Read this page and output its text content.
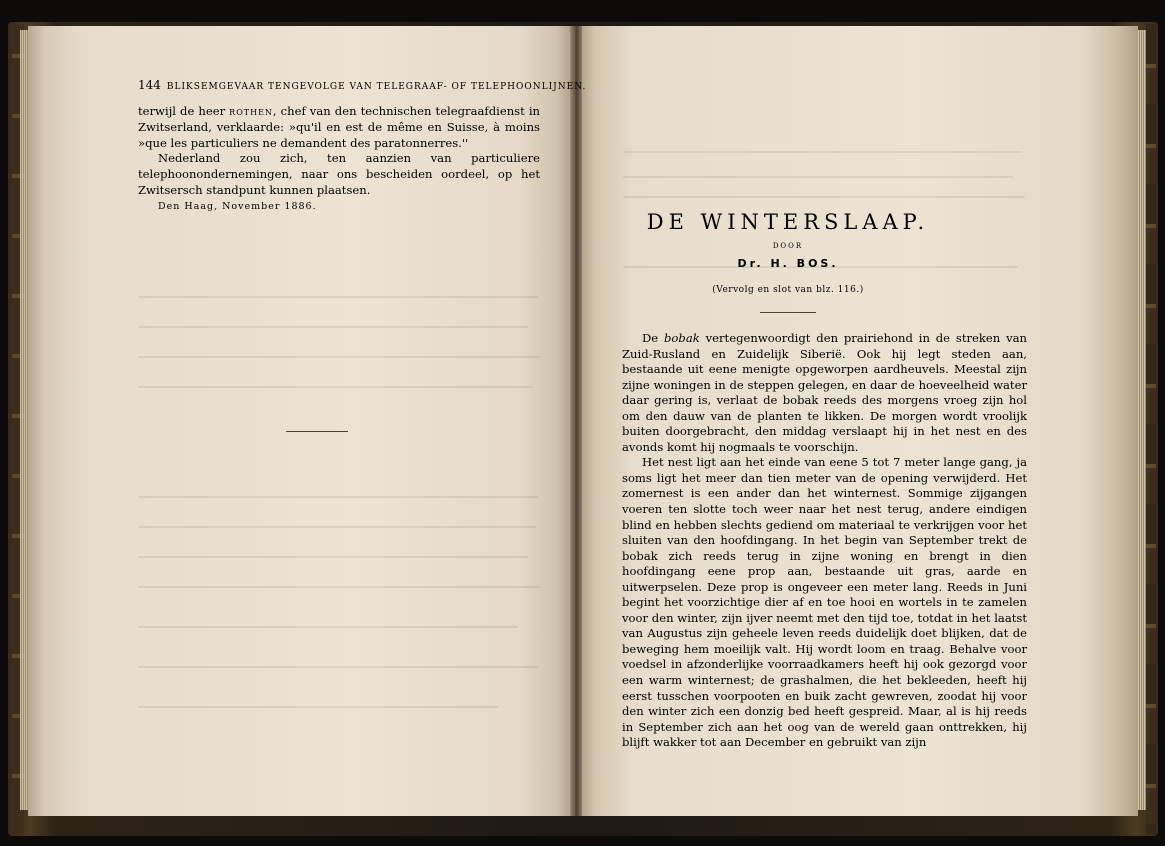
144 BLIKSEMGEVAAR TENGEVOLGE VAN TELEGRAAF- OF TELEPHOONLIJNEN.

terwijl de heer rothen, chef van den technischen telegraafdienst in Zwitserland, verklaarde: »qu'il en est de même en Suisse, à moins »que les particuliers ne demandent des paratonnerres.''

Nederland zou zich, ten aanzien van particuliere telephoonondernemingen, naar ons bescheiden oordeel, op het Zwitsersch standpunt kunnen plaatsen.

Den Haag, November 1886.

DE WINTERSLAAP.
DOOR
Dr. H. BOS.
(Vervolg en slot van blz. 116.)

De bobak vertegenwoordigt den prairiehond in de streken van Zuid-Rusland en Zuidelijk Siberië. Ook hij legt steden aan, bestaande uit eene menigte opgeworpen aardheuvels. Meestal zijn zijne woningen in de steppen gelegen, en daar de hoeveelheid water daar gering is, verlaat de bobak reeds des morgens vroeg zijn hol om den dauw van de planten te likken. De morgen wordt vroolijk buiten doorgebracht, den middag verslaapt hij in het nest en des avonds komt hij nogmaals te voorschijn.

Het nest ligt aan het einde van eene 5 tot 7 meter lange gang, ja soms ligt het meer dan tien meter van de opening verwijderd. Het zomernest is een ander dan het winternest. Sommige zijgangen voeren ten slotte toch weer naar het nest terug, andere eindigen blind en hebben slechts gediend om materiaal te verkrijgen voor het sluiten van den hoofdingang. In het begin van September trekt de bobak zich reeds terug in zijne woning en brengt in dien hoofdingang eene prop aan, bestaande uit gras, aarde en uitwerpselen. Deze prop is ongeveer een meter lang. Reeds in Juni begint het voorzichtige dier af en toe hooi en wortels in te zamelen voor den winter, zijn ijver neemt met den tijd toe, totdat in het laatst van Augustus zijn geheele leven reeds duidelijk doet blijken, dat de beweging hem moeilijk valt. Hij wordt loom en traag. Behalve voor voedsel in afzonderlijke voorraadkamers heeft hij ook gezorgd voor een warm winternest; de grashalmen, die het bekleeden, heeft hij eerst tusschen voorpooten en buik zacht gewreven, zoodat hij voor den winter zich een donzig bed heeft gespreid. Maar, al is hij reeds in September zich aan het oog van de wereld gaan onttrekken, hij blijft wakker tot aan December en gebruikt van zijn
